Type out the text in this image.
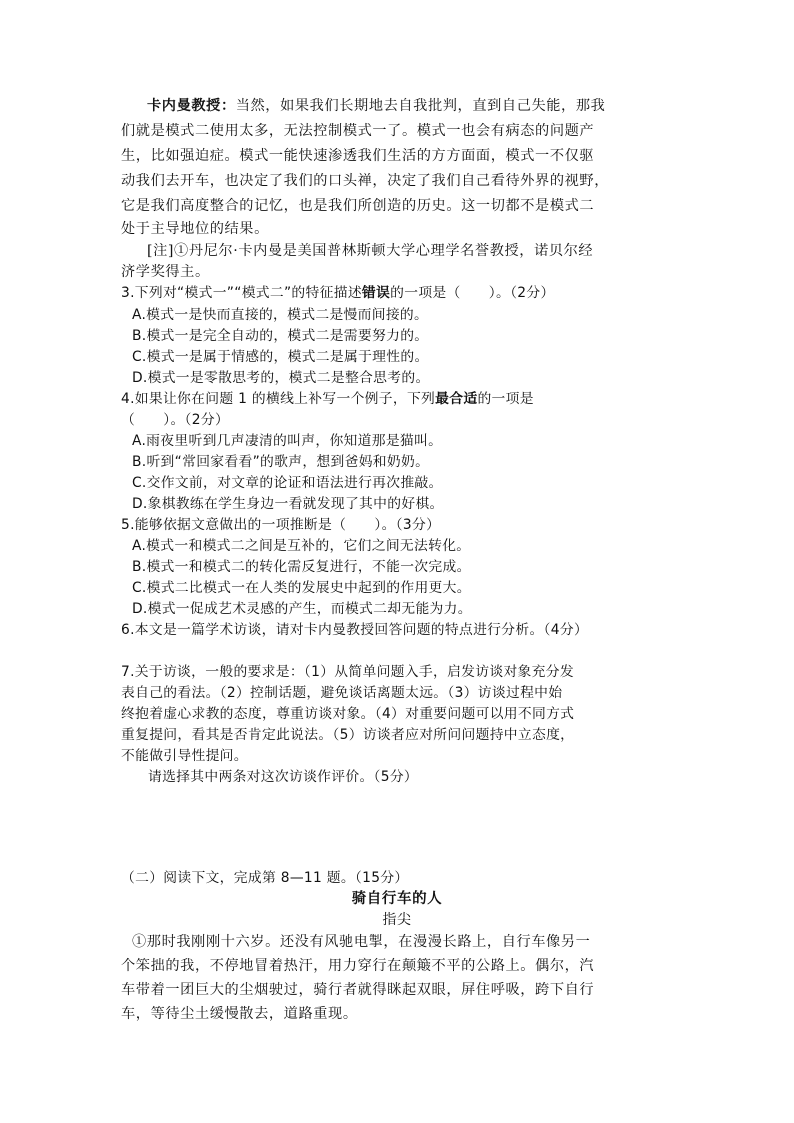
卡内曼教授：当然，如果我们长期地去自我批判，直到自己失能，那我
们就是模式二使用太多，无法控制模式一了。模式一也会有病态的问题产
生，比如强迫症。模式一能快速渗透我们生活的方方面面，模式一不仅驱
动我们去开车，也决定了我们的口头禅，决定了我们自己看待外界的视野，
它是我们高度整合的记忆，也是我们所创造的历史。这一切都不是模式二
处于主导地位的结果。
[注]①丹尼尔·卡内曼是美国普林斯顿大学心理学名誉教授，诺贝尔经
济学奖得主。
3.下列对“模式一”“模式二”的特征描述错误的一项是（　　）。（2分）
A.模式一是快而直接的，模式二是慢而间接的。
B.模式一是完全自动的，模式二是需要努力的。
C.模式一是属于情感的，模式二是属于理性的。
D.模式一是零散思考的，模式二是整合思考的。
4.如果让你在问题 1 的横线上补写一个例子，下列最合适的一项是
（　　）。（2分）
A.雨夜里听到几声凄清的叫声，你知道那是猫叫。
B.听到“常回家看看”的歌声，想到爸妈和奶奶。
C.交作文前，对文章的论证和语法进行再次推敲。
D.象棋教练在学生身边一看就发现了其中的好棋。
5.能够依据文意做出的一项推断是（　　）。（3分）
A.模式一和模式二之间是互补的，它们之间无法转化。
B.模式一和模式二的转化需反复进行，不能一次完成。
C.模式二比模式一在人类的发展史中起到的作用更大。
D.模式一促成艺术灵感的产生，而模式二却无能为力。
6.本文是一篇学术访谈，请对卡内曼教授回答问题的特点进行分析。（4分）
7.关于访谈，一般的要求是：（1）从简单问题入手，启发访谈对象充分发
表自己的看法。（2）控制话题，避免谈话离题太远。（3）访谈过程中始
终抱着虚心求教的态度，尊重访谈对象。（4）对重要问题可以用不同方式
重复提问，看其是否肯定此说法。（5）访谈者应对所问问题持中立态度，
不能做引导性提问。
请选择其中两条对这次访谈作评价。（5分）
（二）阅读下文，完成第 8—11 题。（15分）
骑自行车的人
指尖
①那时我刚刚十六岁。还没有风驰电掣，在漫漫长路上，自行车像另一
个笨拙的我，不停地冒着热汗，用力穿行在颠簸不平的公路上。偶尔，汽
车带着一团巨大的尘烟驶过，骑行者就得眯起双眼，屏住呼吸，跨下自行
车，等待尘土缓慢散去，道路重现。
